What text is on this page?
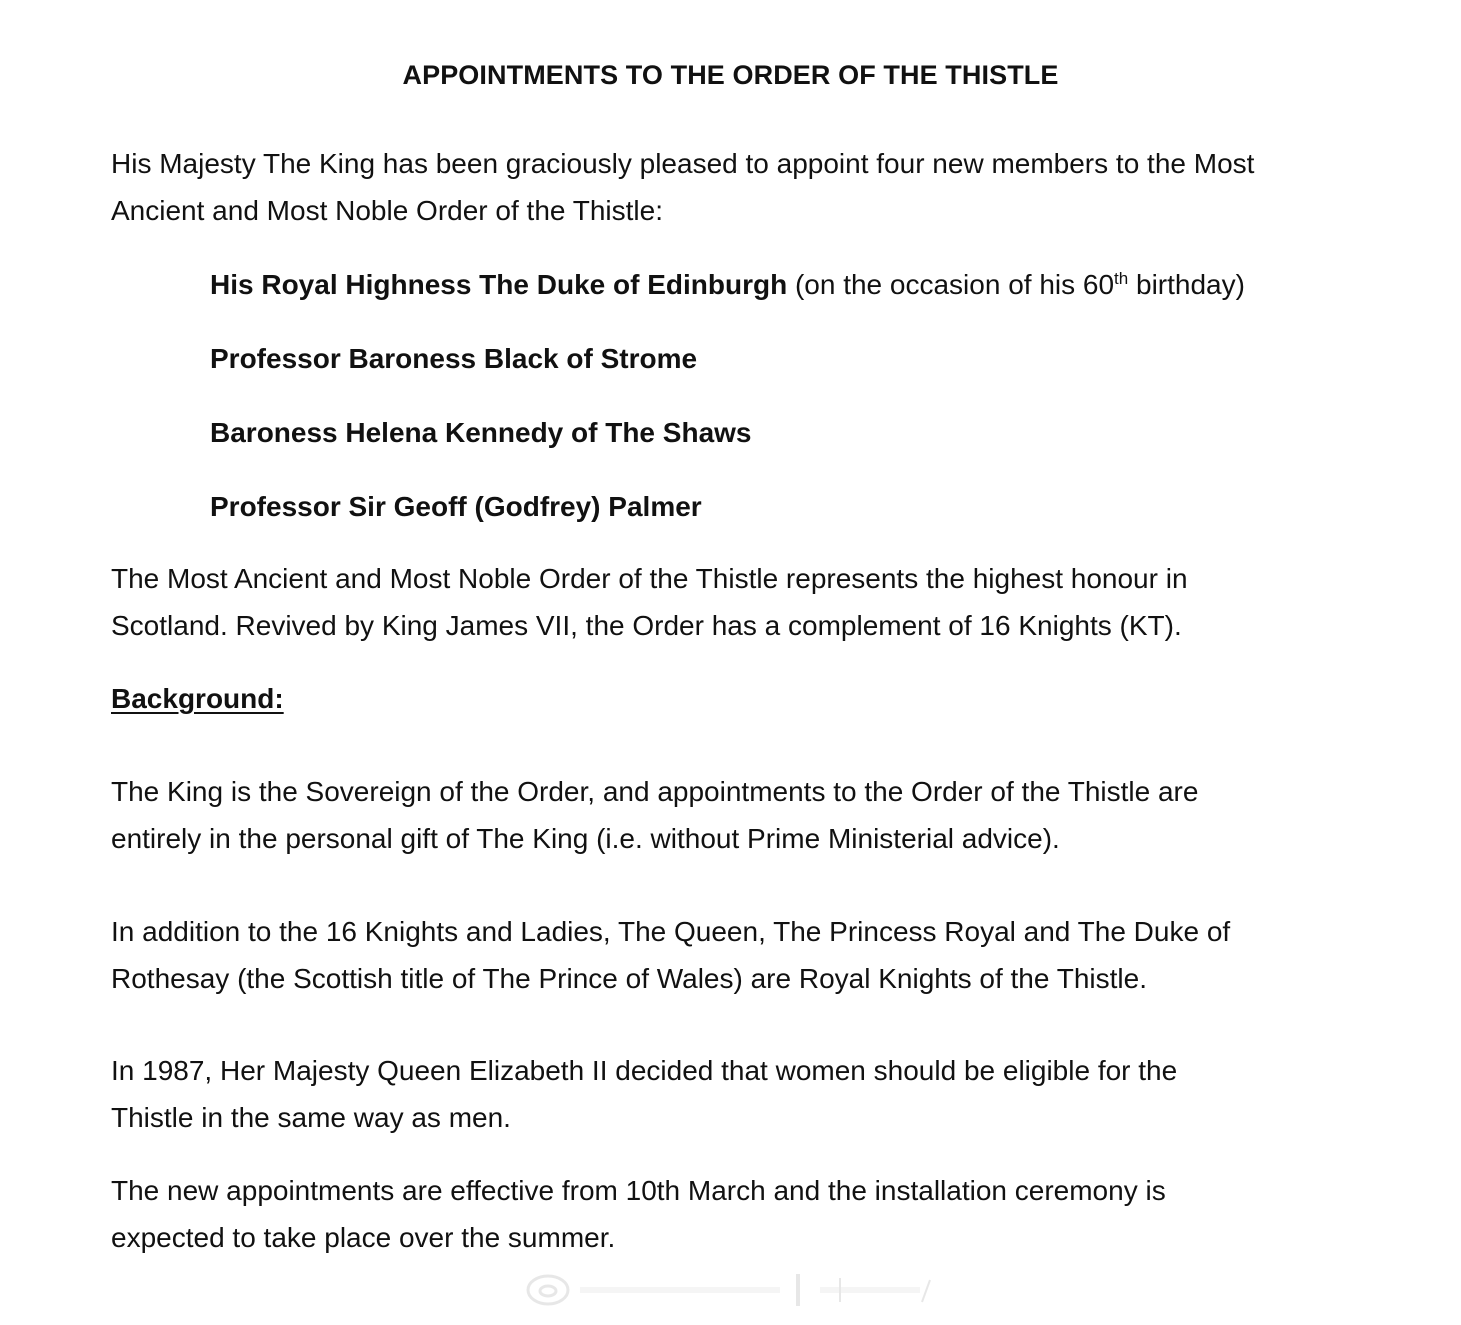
APPOINTMENTS TO THE ORDER OF THE THISTLE
His Majesty The King has been graciously pleased to appoint four new members to the Most
Ancient and Most Noble Order of the Thistle:
His Royal Highness The Duke of Edinburgh (on the occasion of his 60th birthday)
Professor Baroness Black of Strome
Baroness Helena Kennedy of The Shaws
Professor Sir Geoff (Godfrey) Palmer
The Most Ancient and Most Noble Order of the Thistle represents the highest honour in
Scotland. Revived by King James VII, the Order has a complement of 16 Knights (KT).
Background:
The King is the Sovereign of the Order, and appointments to the Order of the Thistle are
entirely in the personal gift of The King (i.e. without Prime Ministerial advice).
In addition to the 16 Knights and Ladies, The Queen, The Princess Royal and The Duke of
Rothesay (the Scottish title of The Prince of Wales) are Royal Knights of the Thistle.
In 1987, Her Majesty Queen Elizabeth II decided that women should be eligible for the
Thistle in the same way as men.
The new appointments are effective from 10th March and the installation ceremony is
expected to take place over the summer.
